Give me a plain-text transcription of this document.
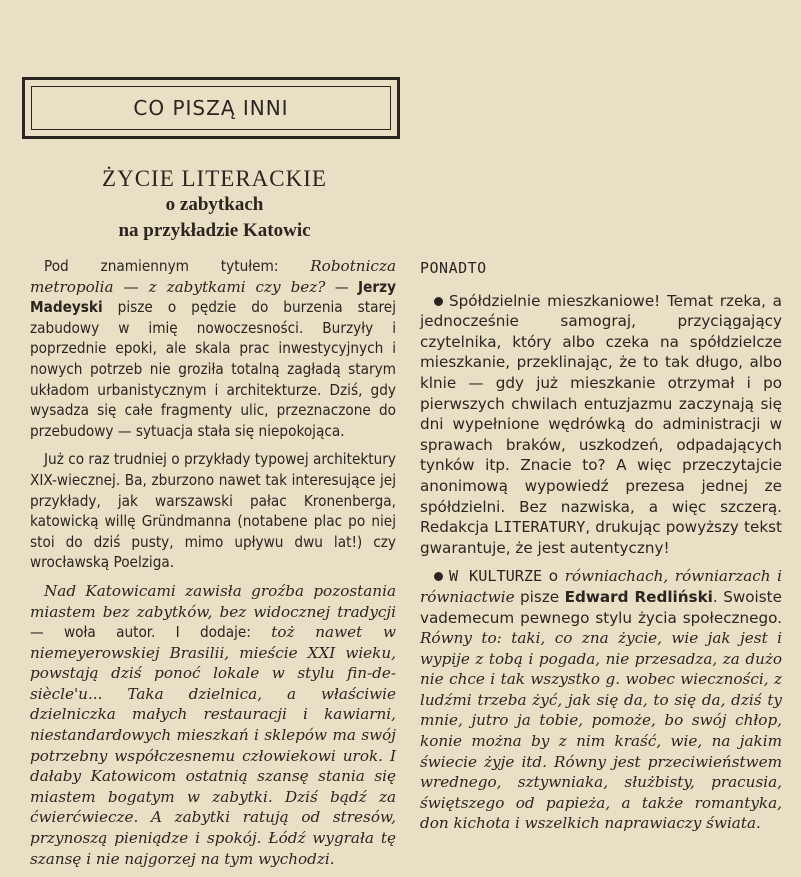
CO PISZĄ INNI
ŻYCIE LITERACKIE
o zabytkach
na przykładzie Katowic

Pod znamiennym tytułem: Robotnicza metropolia — z zabytkami czy bez? — Jerzy Madeyski pisze o pędzie do burzenia starej zabudowy w imię nowoczesności. Burzyły i poprzednie epoki, ale skala prac inwestycyjnych i nowych potrzeb nie groziła totalną zagładą starym układom urbanistycznym i architekturze. Dziś, gdy wysadza się całe fragmenty ulic, przeznaczone do przebudowy — sytuacja stała się niepokojąca.

Już co raz trudniej o przykłady typowej architektury XIX-wiecznej. Ba, zburzono nawet tak interesujące jej przykłady, jak warszawski pałac Kronenberga, katowicką willę Gründmanna (notabene plac po niej stoi do dziś pusty, mimo upływu dwu lat!) czy wrocławską Poelziga.

Nad Katowicami zawisła groźba pozostania miastem bez zabytków, bez widocznej tradycji — woła autor. I dodaje: toż nawet w niemeyerowskiej Brasilii, mieście XXI wieku, powstają dziś ponoć lokale w stylu fin-de-siècle'u... Taka dzielnica, a właściwie dzielniczka małych restauracji i kawiarni, niestandardowych mieszkań i sklepów ma swój potrzebny współczesnemu człowiekowi urok. I dałaby Katowicom ostatnią szansę stania się miastem bogatym w zabytki. Dziś bądź za ćwierćwiecze. A zabytki ratują od stresów, przynoszą pieniądze i spokój. Łódź wygrała tę szansę i nie najgorzej na tym wychodzi.

PONADTO

Spółdzielnie mieszkaniowe! Temat rzeka, a jednocześnie samograj, przyciągający czytelnika, który albo czeka na spółdzielcze mieszkanie, przeklinając, że to tak długo, albo klnie — gdy już mieszkanie otrzymał i po pierwszych chwilach entuzjazmu zaczynają się dni wypełnione wędrówką do administracji w sprawach braków, uszkodzeń, odpadających tynków itp. Znacie to? A więc przeczytajcie anonimową wypowiedź prezesa jednej ze spółdzielni. Bez nazwiska, a więc szczerą. Redakcja LITERATURY, drukując powyższy tekst gwarantuje, że jest autentyczny!

W KULTURZE o równiachach, równiarzach i równiactwie pisze Edward Redliński. Swoiste vademecum pewnego stylu życia społecznego. Równy to: taki, co zna życie, wie jak jest i wypije z tobą i pogada, nie przesadza, za dużo nie chce i tak wszystko g. wobec wieczności, z ludźmi trzeba żyć, jak się da, to się da, dziś ty mnie, jutro ja tobie, pomoże, bo swój chłop, konie można by z nim kraść, wie, na jakim świecie żyje itd. Równy jest przeciwieństwem wrednego, sztywniaka, służbisty, pracusia, świętszego od papieża, a także romantyka, don kichota i wszelkich naprawiaczy świata.
